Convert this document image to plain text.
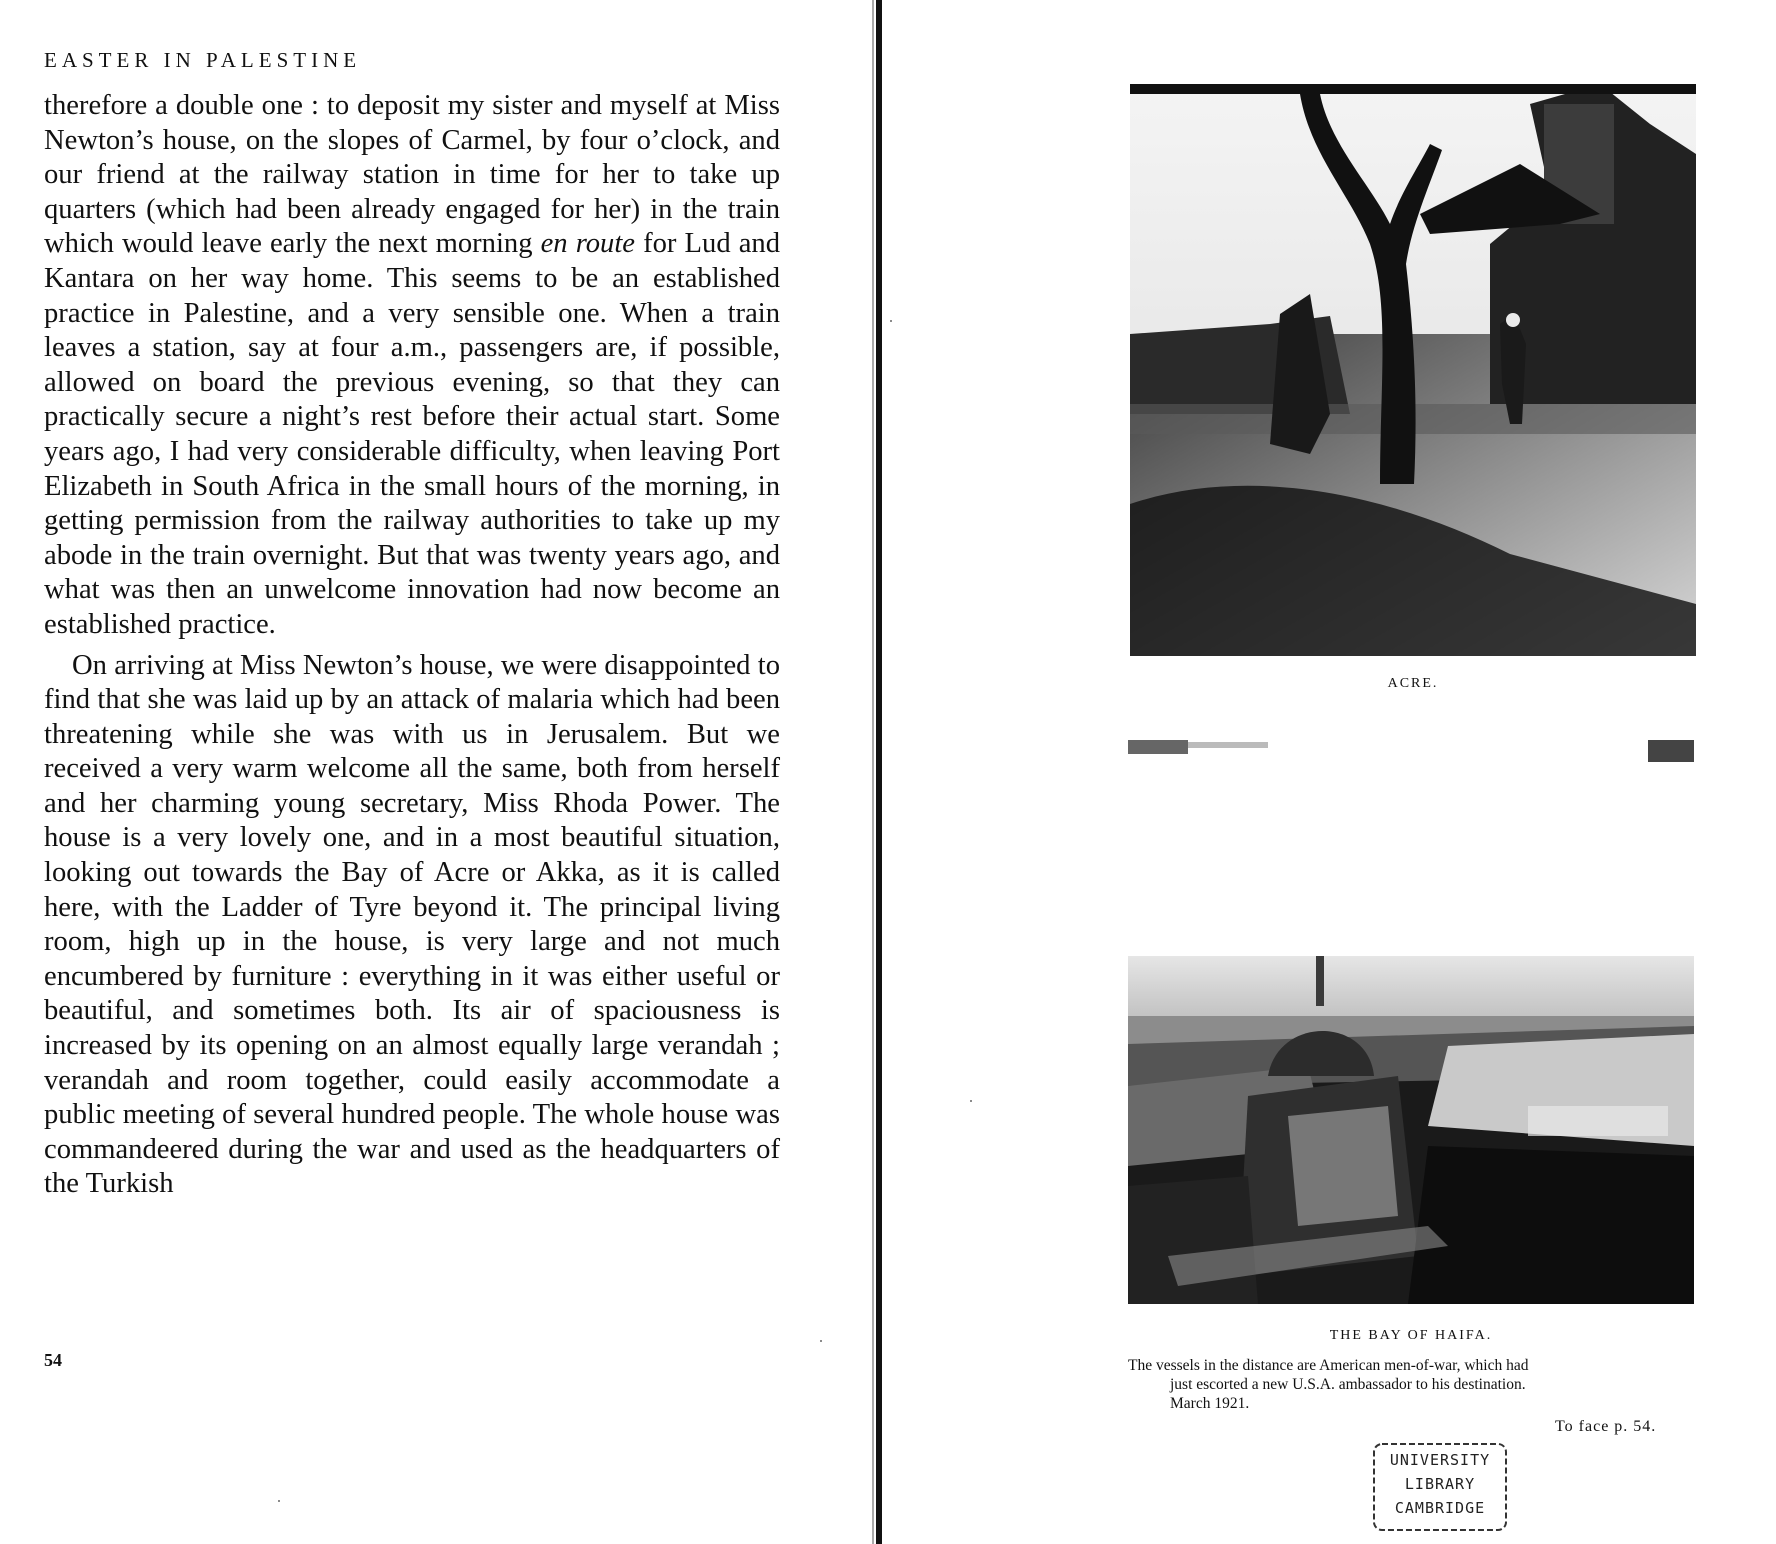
EASTER IN PALESTINE

therefore a double one : to deposit my sister and myself at Miss Newton’s house, on the slopes of Carmel, by four o’clock, and our friend at the railway station in time for her to take up quarters (which had been already engaged for her) in the train which would leave early the next morning en route for Lud and Kantara on her way home. This seems to be an established practice in Palestine, and a very sensible one. When a train leaves a station, say at four a.m., passengers are, if possible, allowed on board the previous evening, so that they can practically secure a night’s rest before their actual start. Some years ago, I had very considerable difficulty, when leaving Port Elizabeth in South Africa in the small hours of the morning, in getting permission from the railway authorities to take up my abode in the train overnight. But that was twenty years ago, and what was then an unwelcome innovation had now become an established practice.

On arriving at Miss Newton’s house, we were disappointed to find that she was laid up by an attack of malaria which had been threatening while she was with us in Jerusalem. But we received a very warm welcome all the same, both from herself and her charming young secretary, Miss Rhoda Power. The house is a very lovely one, and in a most beautiful situation, looking out towards the Bay of Acre or Akka, as it is called here, with the Ladder of Tyre beyond it. The principal living room, high up in the house, is very large and not much encumbered by furniture : everything in it was either useful or beautiful, and sometimes both. Its air of spaciousness is increased by its opening on an almost equally large verandah ; verandah and room together, could easily accommodate a public meeting of several hundred people. The whole house was commandeered during the war and used as the headquarters of the Turkish

54
ACRE.
THE BAY OF HAIFA.
The vessels in the distance are American men-of-war, which had
just escorted a new U.S.A. ambassador to his destination.
March 1921.
To face p. 54.
UNIVERSITY
LIBRARY
CAMBRIDGE
